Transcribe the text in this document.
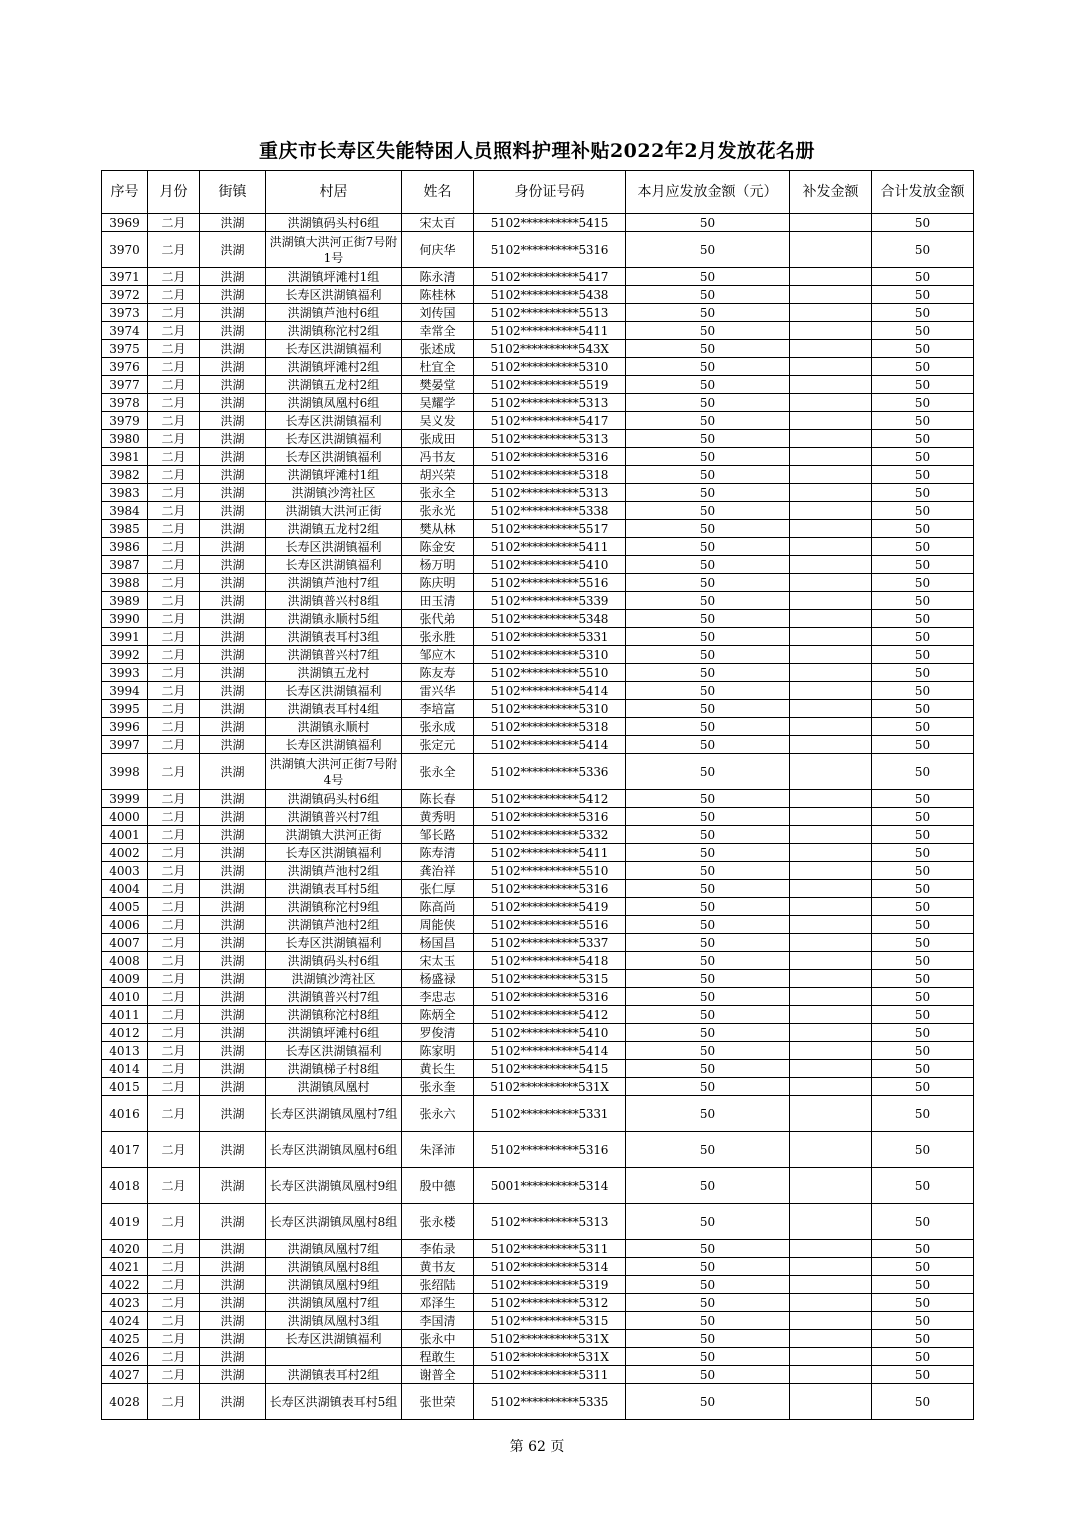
重庆市长寿区失能特困人员照料护理补贴2022年2月发放花名册
序号	月份	街镇	村居	姓名	身份证号码	本月应发放金额（元）	补发金额	合计发放金额
3969	二月	洪湖	洪湖镇码头村6组	宋太百	5102**********5415	50		50
3970	二月	洪湖	洪湖镇大洪河正街7号附1号	何庆华	5102**********5316	50		50
3971	二月	洪湖	洪湖镇坪滩村1组	陈永清	5102**********5417	50		50
3972	二月	洪湖	长寿区洪湖镇福利	陈桂林	5102**********5438	50		50
3973	二月	洪湖	洪湖镇芦池村6组	刘传国	5102**********5513	50		50
3974	二月	洪湖	洪湖镇称沱村2组	幸常全	5102**********5411	50		50
3975	二月	洪湖	长寿区洪湖镇福利	张述成	5102**********543X	50		50
3976	二月	洪湖	洪湖镇坪滩村2组	杜宜全	5102**********5310	50		50
3977	二月	洪湖	洪湖镇五龙村2组	樊晏堂	5102**********5519	50		50
3978	二月	洪湖	洪湖镇凤凰村6组	吴耀学	5102**********5313	50		50
3979	二月	洪湖	长寿区洪湖镇福利	吴义发	5102**********5417	50		50
3980	二月	洪湖	长寿区洪湖镇福利	张成田	5102**********5313	50		50
3981	二月	洪湖	长寿区洪湖镇福利	冯书友	5102**********5316	50		50
3982	二月	洪湖	洪湖镇坪滩村1组	胡兴荣	5102**********5318	50		50
3983	二月	洪湖	洪湖镇沙湾社区	张永全	5102**********5313	50		50
3984	二月	洪湖	洪湖镇大洪河正街	张永光	5102**********5338	50		50
3985	二月	洪湖	洪湖镇五龙村2组	樊从林	5102**********5517	50		50
3986	二月	洪湖	长寿区洪湖镇福利	陈金安	5102**********5411	50		50
3987	二月	洪湖	长寿区洪湖镇福利	杨万明	5102**********5410	50		50
3988	二月	洪湖	洪湖镇芦池村7组	陈庆明	5102**********5516	50		50
3989	二月	洪湖	洪湖镇普兴村8组	田玉清	5102**********5339	50		50
3990	二月	洪湖	洪湖镇永顺村5组	张代弟	5102**********5348	50		50
3991	二月	洪湖	洪湖镇表耳村3组	张永胜	5102**********5331	50		50
3992	二月	洪湖	洪湖镇普兴村7组	邹应木	5102**********5310	50		50
3993	二月	洪湖	洪湖镇五龙村	陈友寿	5102**********5510	50		50
3994	二月	洪湖	长寿区洪湖镇福利	雷兴华	5102**********5414	50		50
3995	二月	洪湖	洪湖镇表耳村4组	李培富	5102**********5310	50		50
3996	二月	洪湖	洪湖镇永顺村	张永成	5102**********5318	50		50
3997	二月	洪湖	长寿区洪湖镇福利	张定元	5102**********5414	50		50
3998	二月	洪湖	洪湖镇大洪河正街7号附4号	张永全	5102**********5336	50		50
3999	二月	洪湖	洪湖镇码头村6组	陈长春	5102**********5412	50		50
4000	二月	洪湖	洪湖镇普兴村7组	黄秀明	5102**********5316	50		50
4001	二月	洪湖	洪湖镇大洪河正街	邹长路	5102**********5332	50		50
4002	二月	洪湖	长寿区洪湖镇福利	陈寿清	5102**********5411	50		50
4003	二月	洪湖	洪湖镇芦池村2组	龚治祥	5102**********5510	50		50
4004	二月	洪湖	洪湖镇表耳村5组	张仁厚	5102**********5316	50		50
4005	二月	洪湖	洪湖镇称沱村9组	陈高尚	5102**********5419	50		50
4006	二月	洪湖	洪湖镇芦池村2组	周能侠	5102**********5516	50		50
4007	二月	洪湖	长寿区洪湖镇福利	杨国昌	5102**********5337	50		50
4008	二月	洪湖	洪湖镇码头村6组	宋太玉	5102**********5418	50		50
4009	二月	洪湖	洪湖镇沙湾社区	杨盛禄	5102**********5315	50		50
4010	二月	洪湖	洪湖镇普兴村7组	李忠志	5102**********5316	50		50
4011	二月	洪湖	洪湖镇称沱村8组	陈炳全	5102**********5412	50		50
4012	二月	洪湖	洪湖镇坪滩村6组	罗俊清	5102**********5410	50		50
4013	二月	洪湖	长寿区洪湖镇福利	陈家明	5102**********5414	50		50
4014	二月	洪湖	洪湖镇梯子村8组	黄长生	5102**********5415	50		50
4015	二月	洪湖	洪湖镇凤凰村	张永奎	5102**********531X	50		50
4016	二月	洪湖	长寿区洪湖镇凤凰村7组	张永六	5102**********5331	50		50
4017	二月	洪湖	长寿区洪湖镇凤凰村6组	朱泽沛	5102**********5316	50		50
4018	二月	洪湖	长寿区洪湖镇凤凰村9组	殷中德	5001**********5314	50		50
4019	二月	洪湖	长寿区洪湖镇凤凰村8组	张永楼	5102**********5313	50		50
4020	二月	洪湖	洪湖镇凤凰村7组	李佑录	5102**********5311	50		50
4021	二月	洪湖	洪湖镇凤凰村8组	黄书友	5102**********5314	50		50
4022	二月	洪湖	洪湖镇凤凰村9组	张绍陆	5102**********5319	50		50
4023	二月	洪湖	洪湖镇凤凰村7组	邓泽生	5102**********5312	50		50
4024	二月	洪湖	洪湖镇凤凰村3组	李国清	5102**********5315	50		50
4025	二月	洪湖	长寿区洪湖镇福利	张永中	5102**********531X	50		50
4026	二月	洪湖		程敢生	5102**********531X	50		50
4027	二月	洪湖	洪湖镇表耳村2组	谢普全	5102**********5311	50		50
4028	二月	洪湖	长寿区洪湖镇表耳村5组	张世荣	5102**********5335	50		50
第 62 页
